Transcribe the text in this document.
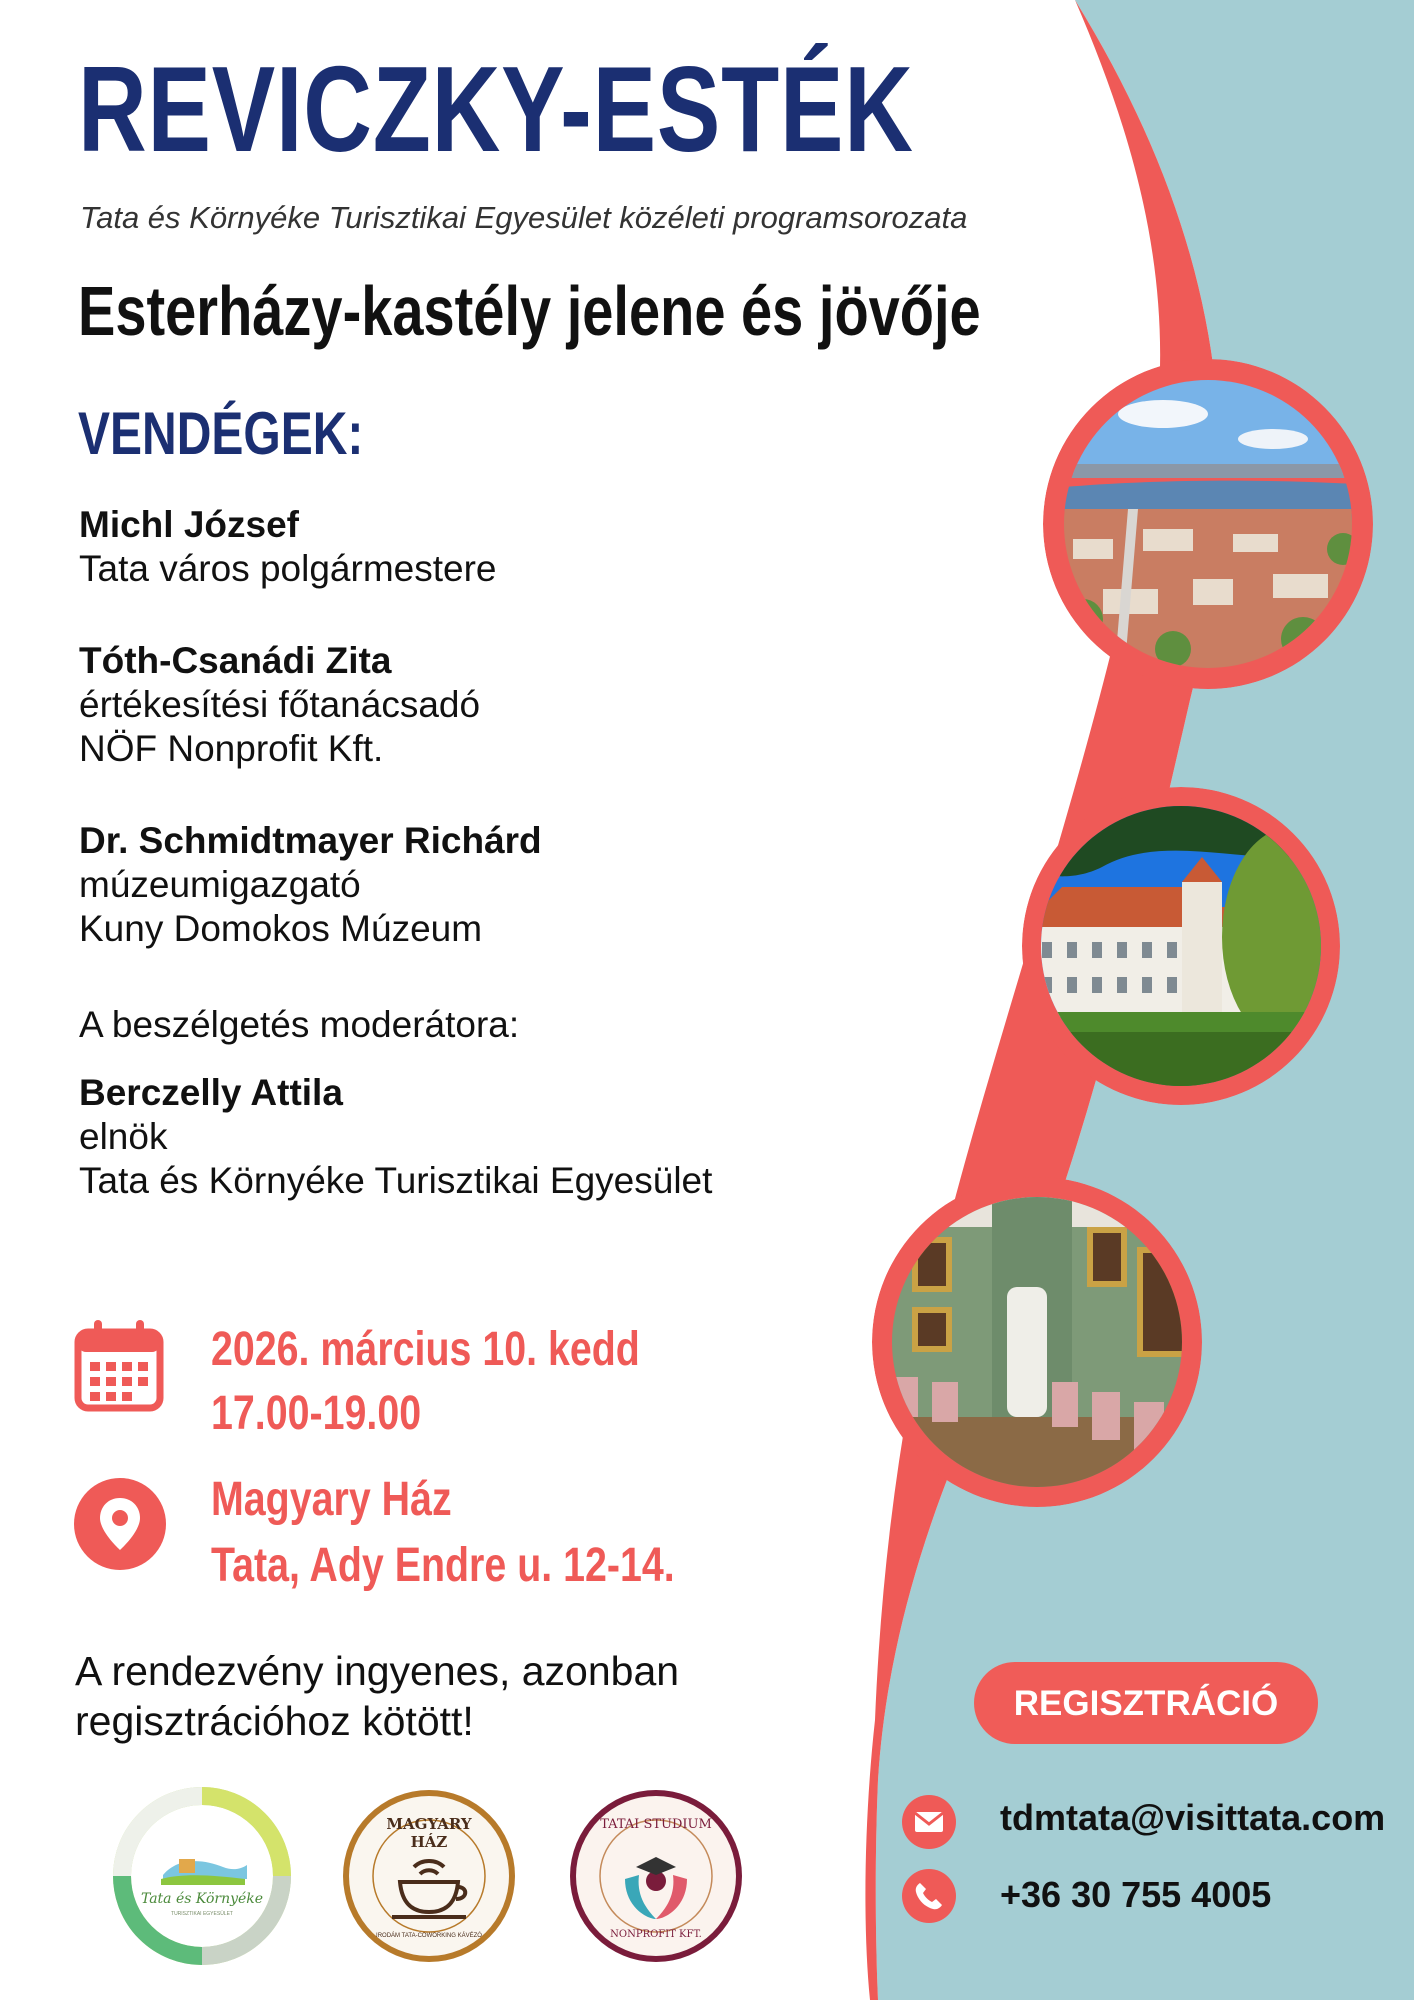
REVICZKY-ESTÉK
Tata és Környéke Turisztikai Egyesület közéleti programsorozata
Esterházy-kastély jelene és jövője
VENDÉGEK:
Michl József
Tata város polgármestere
Tóth-Csanádi Zita
értékesítési főtanácsadó
NÖF Nonprofit Kft.
Dr. Schmidtmayer Richárd
múzeumigazgató
Kuny Domokos Múzeum
A beszélgetés moderátora:
Berczelly Attila
elnök
Tata és Környéke Turisztikai Egyesület
2026. március 10. kedd
17.00-19.00
Magyary Ház
Tata, Ady Endre u. 12-14.
A rendezvény ingyenes, azonban
regisztrációhoz kötött!	REGISZTRÁCIÓ
tdmtata@visittata.com
+36 30 755 4005
Tata és Környéke
TURISZTIKAI EGYESÜLET
MAGYARY HÁZ
IRODÁM TATA-COWORKING KÁVÉZÓ
TATAI STUDIUM
NONPROFIT KFT.
